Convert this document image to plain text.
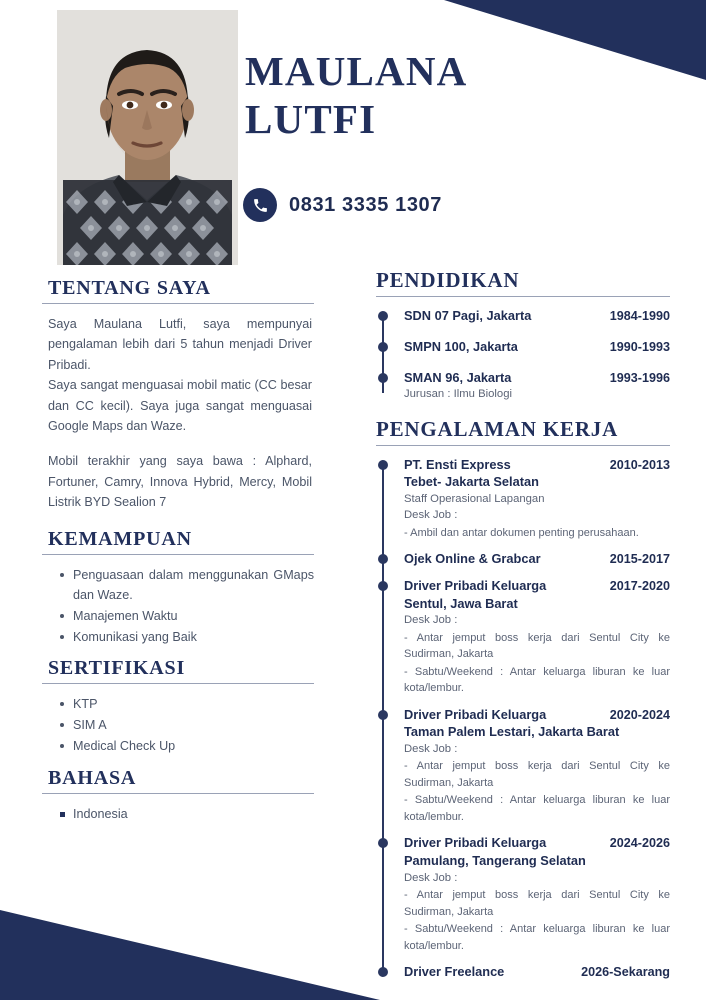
MAULANA
LUTFI
0831 3335 1307
TENTANG SAYA

Saya Maulana Lutfi, saya mempunyai pengalaman lebih dari 5 tahun menjadi Driver Pribadi.

Saya sangat menguasai mobil matic (CC besar dan CC kecil). Saya juga sangat menguasai Google Maps dan Waze.

Mobil terakhir yang saya bawa : Alphard, Fortuner, Camry, Innova Hybrid, Mercy, Mobil Listrik BYD Sealion 7

KEMAMPUAN
Penguasaan dalam menggunakan GMaps dan Waze.
Manajemen Waktu
Komunikasi yang Baik
SERTIFIKASI
KTP
SIM A
Medical Check Up
BAHASA
Indonesia
PENDIDIKAN
SDN 07 Pagi, Jakarta	1984-1990
SMPN 100, Jakarta	1990-1993
SMAN 96, Jakarta	1993-1996
Jurusan : Ilmu Biologi
PENGALAMAN KERJA
PT. Ensti Express	2010-2013
Tebet- Jakarta Selatan
Staff Operasional Lapangan
Desk Job :
- Ambil dan antar dokumen penting perusahaan.
Ojek Online & Grabcar	2015-2017
Driver Pribadi Keluarga	2017-2020
Sentul, Jawa Barat
Desk Job :
- Antar jemput boss kerja dari Sentul City ke Sudirman, Jakarta
- Sabtu/Weekend : Antar keluarga liburan ke luar kota/lembur.
Driver Pribadi Keluarga	2020-2024
Taman Palem Lestari, Jakarta Barat
Desk Job :
- Antar jemput boss kerja dari Sentul City ke Sudirman, Jakarta
- Sabtu/Weekend : Antar keluarga liburan ke luar kota/lembur.
Driver Pribadi Keluarga	2024-2026
Pamulang, Tangerang Selatan
Desk Job :
- Antar jemput boss kerja dari Sentul City ke Sudirman, Jakarta
- Sabtu/Weekend : Antar keluarga liburan ke luar kota/lembur.
Driver Freelance	2026-Sekarang
